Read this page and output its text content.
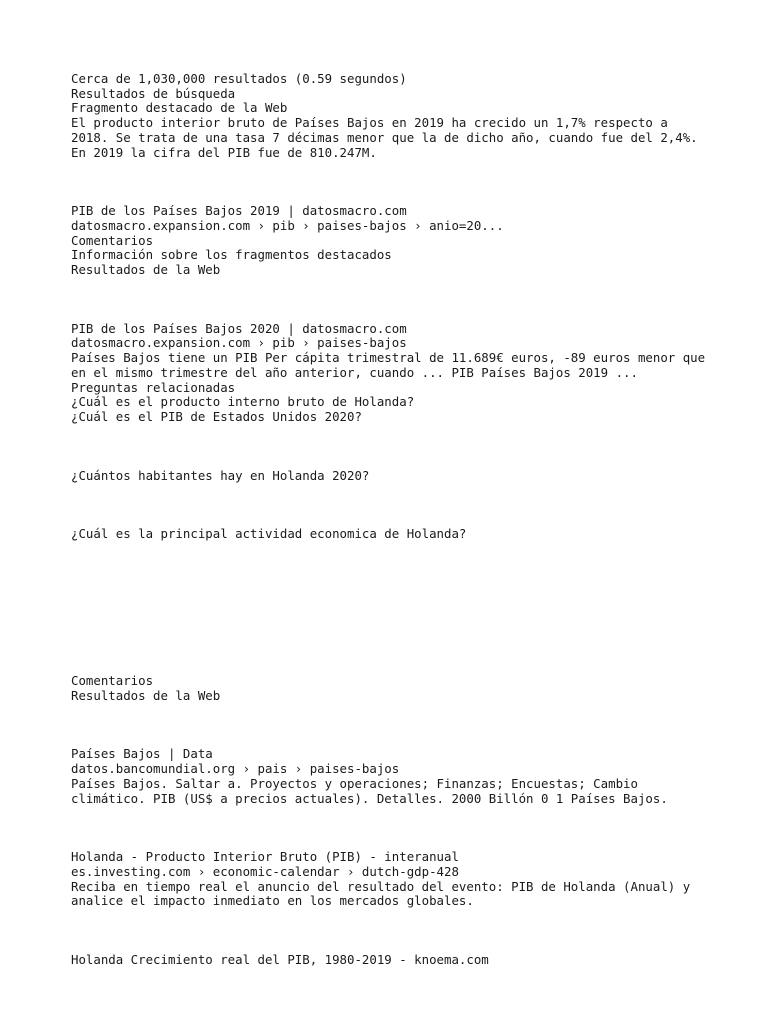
Cerca de 1,030,000 resultados (0.59 segundos)
Resultados de búsqueda
Fragmento destacado de la Web
El producto interior bruto de Países Bajos en 2019 ha crecido un 1,7% respecto a 2018. Se trata de una tasa 7 décimas menor que la de dicho año, cuando fue del 2,4%. En 2019 la cifra del PIB fue de 810.247M.
PIB de los Países Bajos 2019 | datosmacro.com
datosmacro.expansion.com › pib › paises-bajos › anio=20...
Comentarios
Información sobre los fragmentos destacados
Resultados de la Web
PIB de los Países Bajos 2020 | datosmacro.com
datosmacro.expansion.com › pib › paises-bajos
Países Bajos tiene un PIB Per cápita trimestral de 11.689€ euros, -89 euros menor que en el mismo trimestre del año anterior, cuando ... PIB Países Bajos 2019 ...
Preguntas relacionadas
¿Cuál es el producto interno bruto de Holanda?
¿Cuál es el PIB de Estados Unidos 2020?
¿Cuántos habitantes hay en Holanda 2020?
¿Cuál es la principal actividad economica de Holanda?
Comentarios
Resultados de la Web
Países Bajos | Data
datos.bancomundial.org › pais › paises-bajos
Países Bajos. Saltar a. Proyectos y operaciones; Finanzas; Encuestas; Cambio climático. PIB (US$ a precios actuales). Detalles. 2000 Billón 0 1 Países Bajos.
Holanda - Producto Interior Bruto (PIB) - interanual
es.investing.com › economic-calendar › dutch-gdp-428
Reciba en tiempo real el anuncio del resultado del evento: PIB de Holanda (Anual) y analice el impacto inmediato en los mercados globales.
Holanda Crecimiento real del PIB, 1980-2019 - knoema.com
